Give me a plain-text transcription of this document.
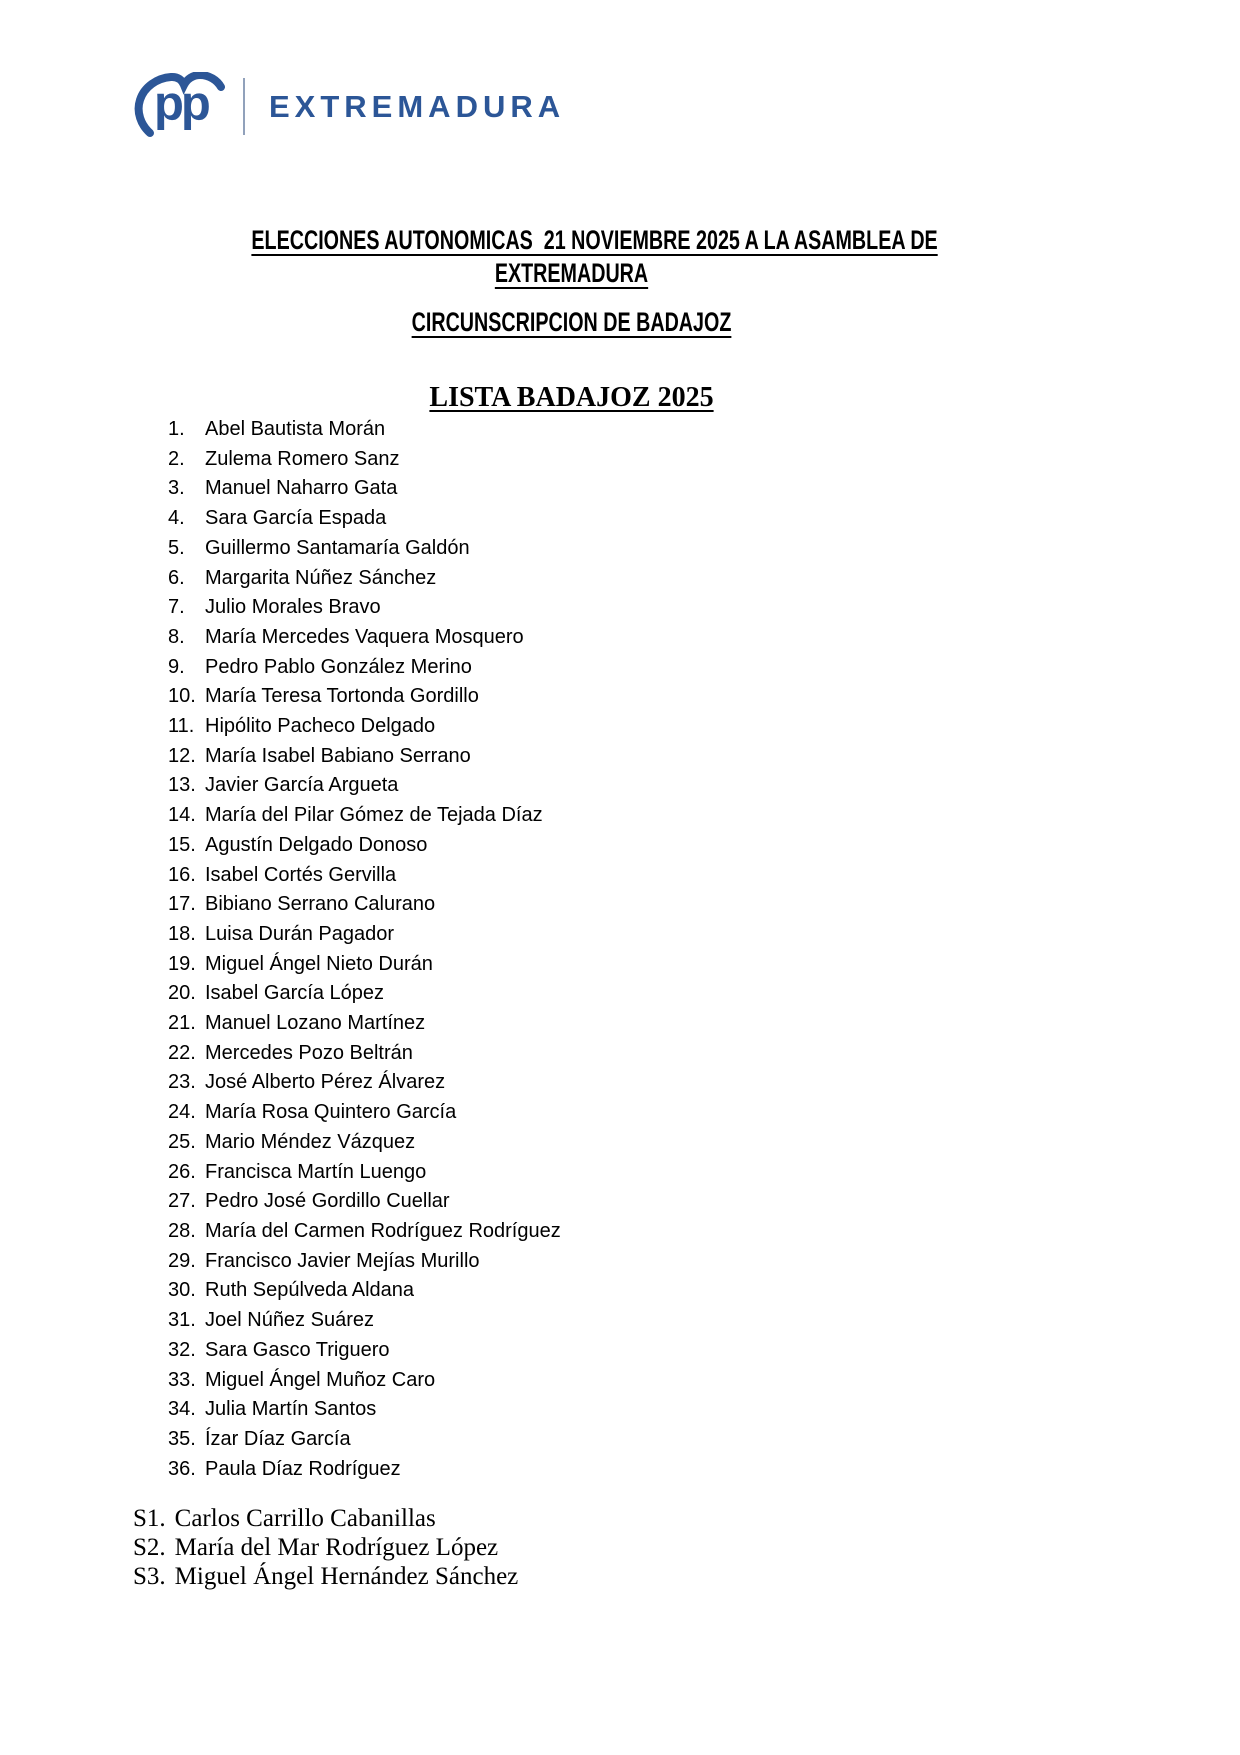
pp EXTREMADURA
ELECCIONES AUTONOMICAS  21 NOVIEMBRE 2025 A LA ASAMBLEA DE
EXTREMADURA
CIRCUNSCRIPCION DE BADAJOZ
LISTA BADAJOZ 2025
1.	Abel Bautista Morán
2.	Zulema Romero Sanz
3.	Manuel Naharro Gata
4.	Sara García Espada
5.	Guillermo Santamaría Galdón
6.	Margarita Núñez Sánchez
7.	Julio Morales Bravo
8.	María Mercedes Vaquera Mosquero
9.	Pedro Pablo González Merino
10. María Teresa Tortonda Gordillo
11. Hipólito Pacheco Delgado
12. María Isabel Babiano Serrano
13. Javier García Argueta
14. María del Pilar Gómez de Tejada Díaz
15. Agustín Delgado Donoso
16. Isabel Cortés Gervilla
17. Bibiano Serrano Calurano
18. Luisa Durán Pagador
19. Miguel Ángel Nieto Durán
20. Isabel García López
21. Manuel Lozano Martínez
22. Mercedes Pozo Beltrán
23. José Alberto Pérez Álvarez
24. María Rosa Quintero García
25. Mario Méndez Vázquez
26. Francisca Martín Luengo
27. Pedro José Gordillo Cuellar
28. María del Carmen Rodríguez Rodríguez
29. Francisco Javier Mejías Murillo
30. Ruth Sepúlveda Aldana
31. Joel Núñez Suárez
32. Sara Gasco Triguero
33. Miguel Ángel Muñoz Caro
34. Julia Martín Santos
35. Ízar Díaz García
36. Paula Díaz Rodríguez
S1. Carlos Carrillo Cabanillas
S2. María del Mar Rodríguez López
S3. Miguel Ángel Hernández Sánchez
